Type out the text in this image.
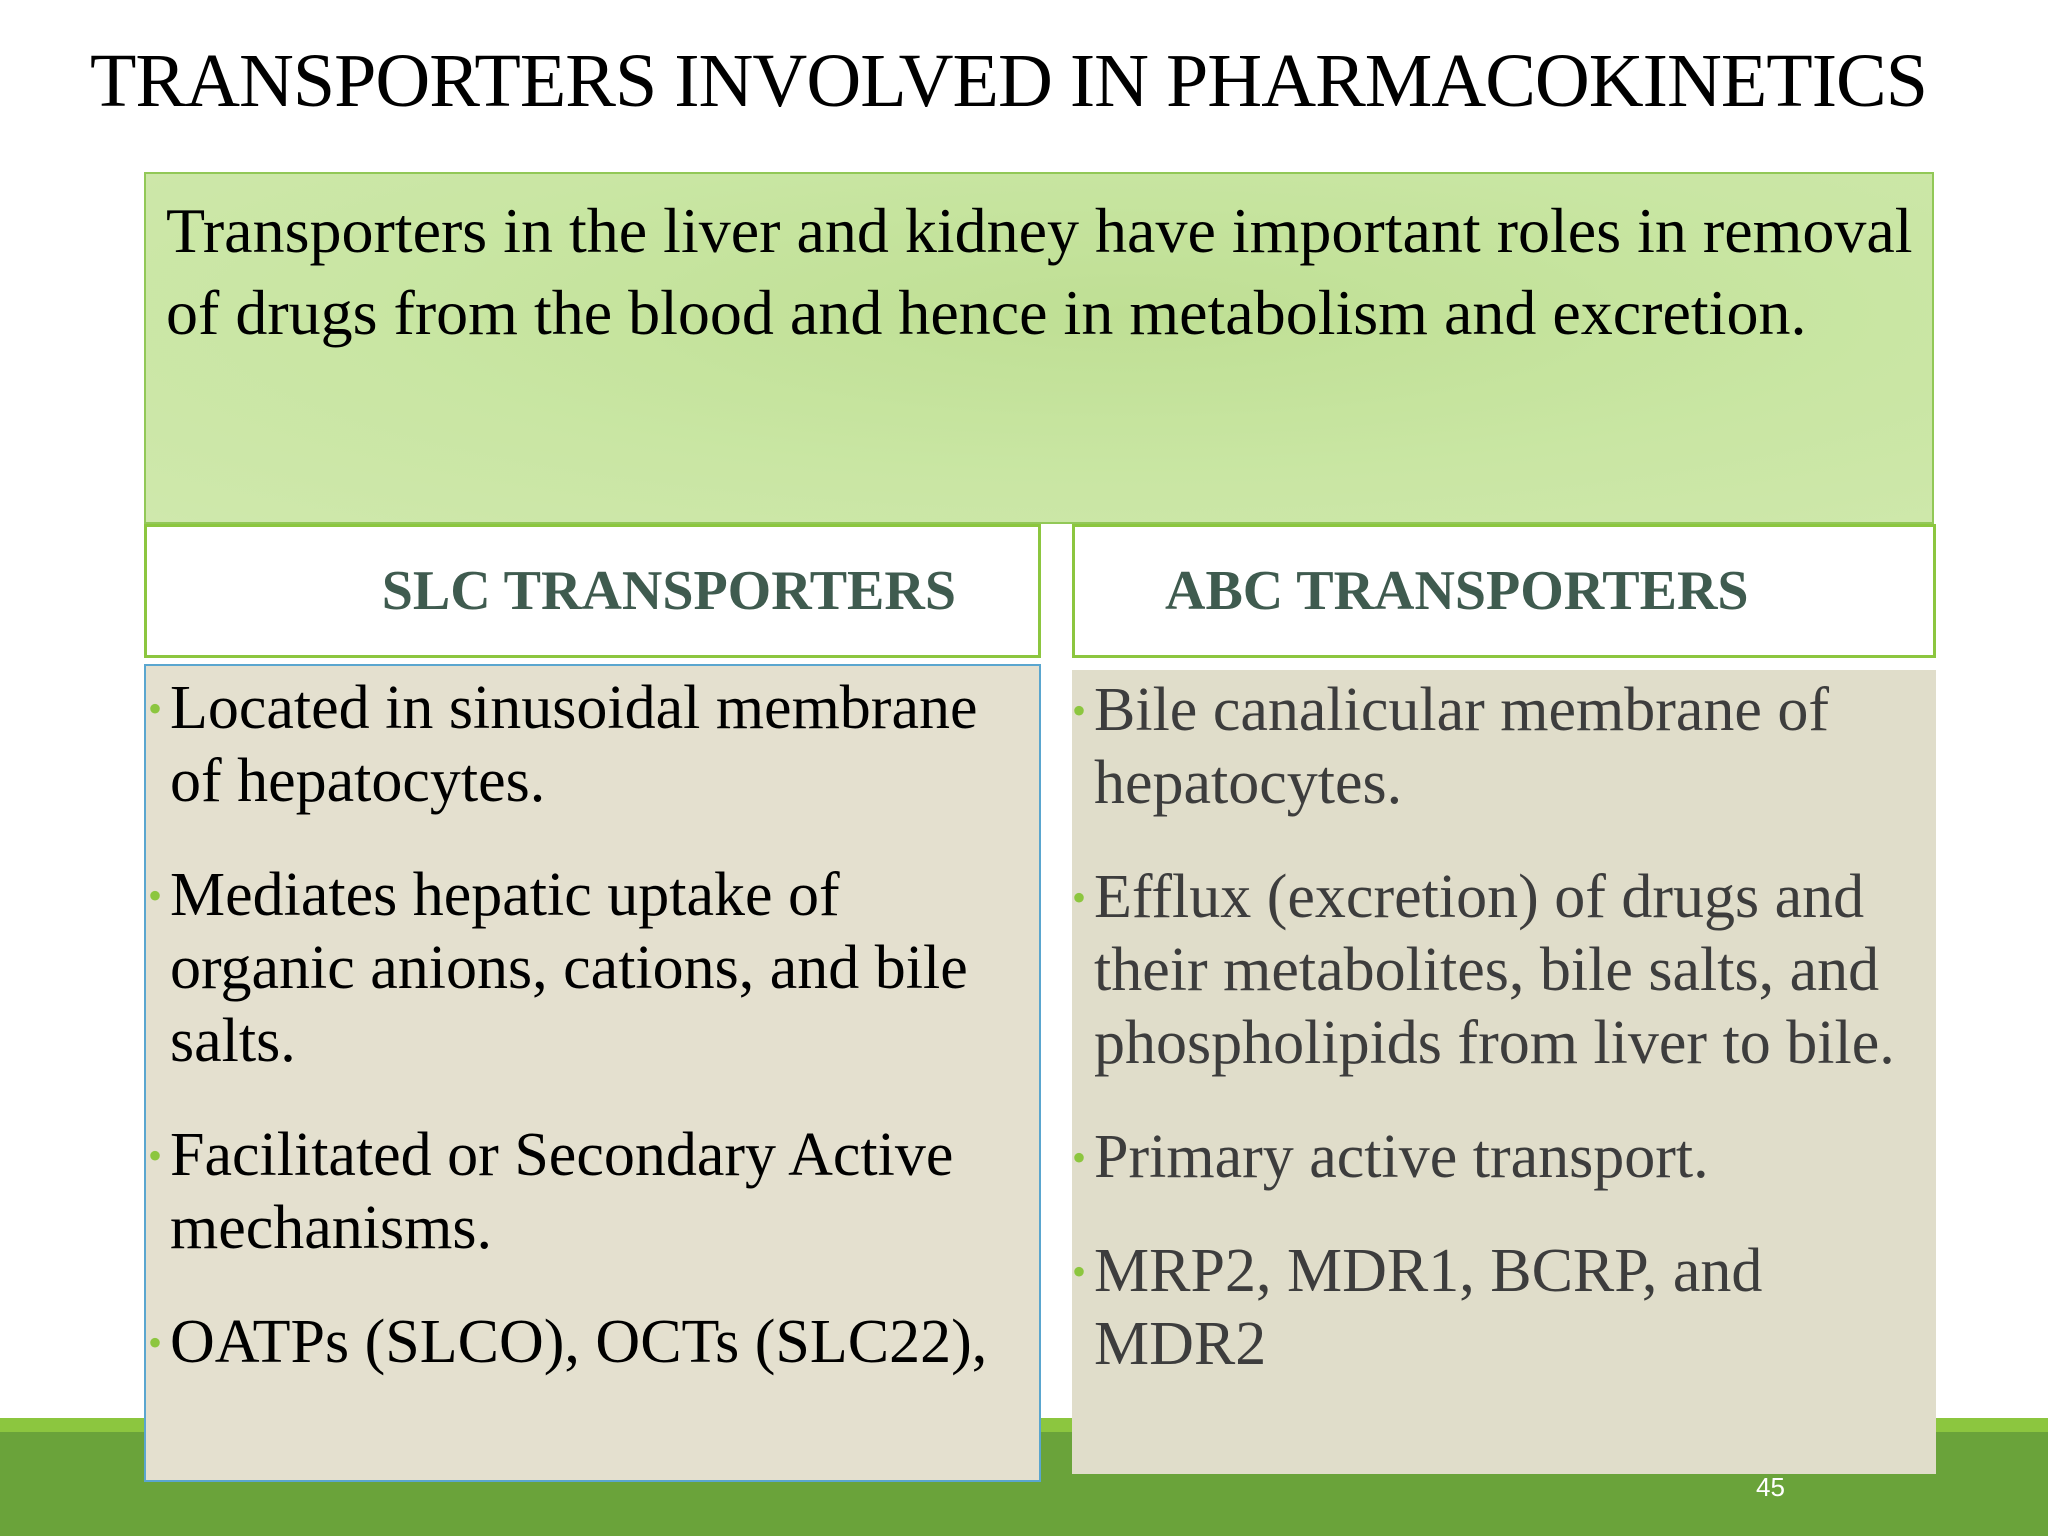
TRANSPORTERS INVOLVED IN PHARMACOKINETICS
Transporters in the liver and kidney have important roles in removal of drugs from the blood and hence in metabolism and excretion.
SLC TRANSPORTERS	ABC TRANSPORTERS
• Located in sinusoidal membrane of hepatocytes.
• Mediates hepatic uptake of organic anions, cations, and bile salts.
• Facilitated or Secondary Active mechanisms.
• OATPs (SLCO), OCTs (SLC22),
• Bile canalicular membrane of hepatocytes.
• Efflux (excretion) of drugs and their metabolites, bile salts, and phospholipids from liver to bile.
• Primary active transport.
• MRP2, MDR1, BCRP, and MDR2
45
